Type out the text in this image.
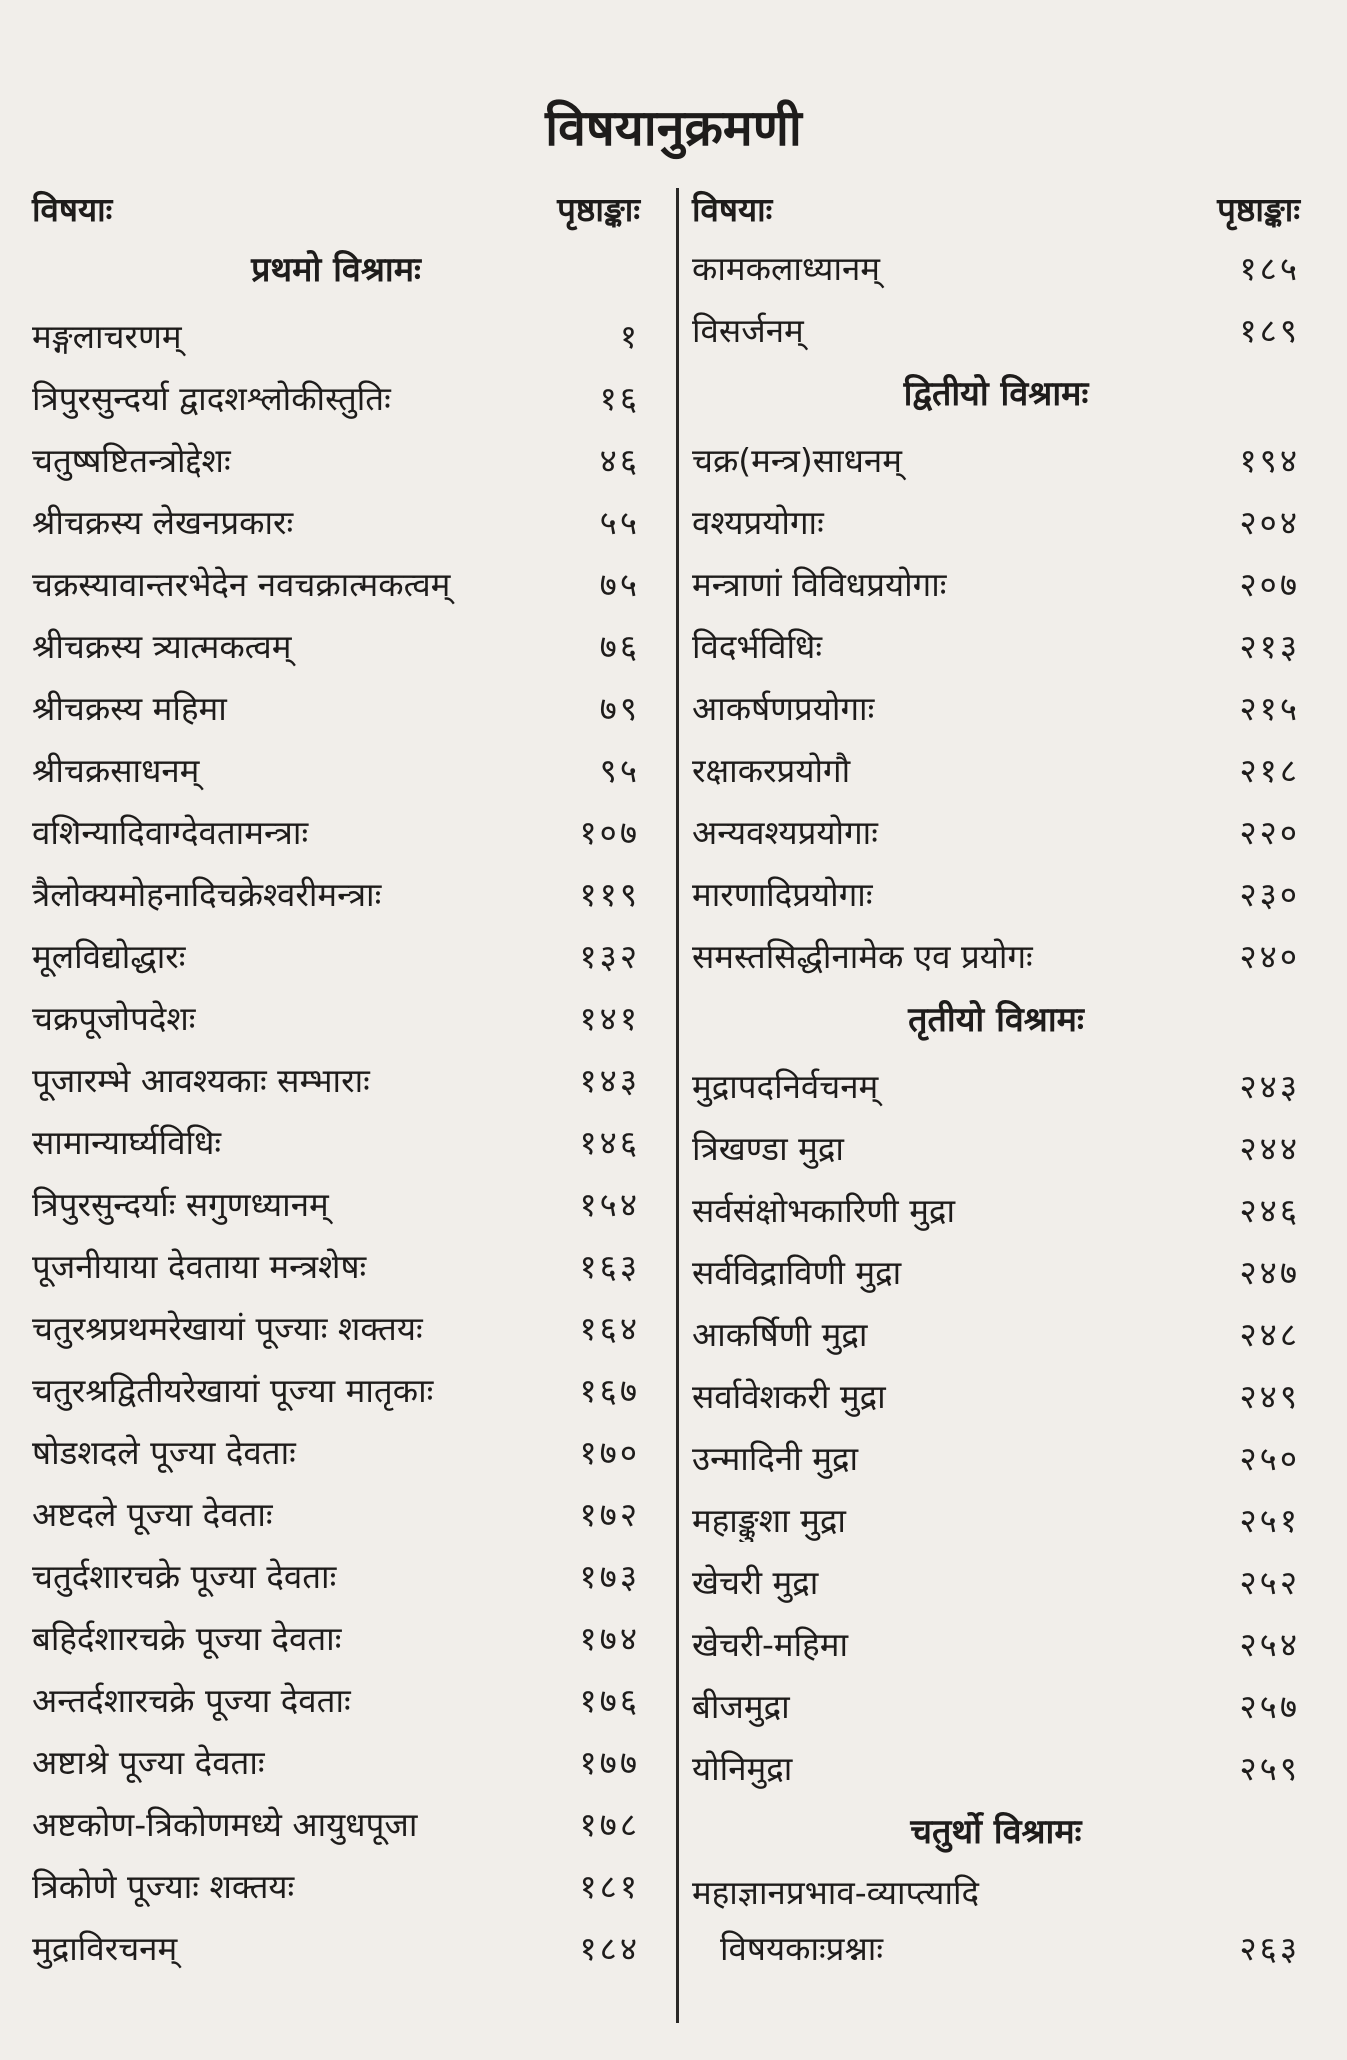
विषयानुक्रमणी
विषयाः	पृष्ठाङ्काः
प्रथमो विश्रामः
मङ्गलाचरणम्	१
त्रिपुरसुन्दर्या द्वादशश्लोकीस्तुतिः	१६
चतुष्षष्टितन्त्रोद्देशः	४६
श्रीचक्रस्य लेखनप्रकारः	५५
चक्रस्यावान्तरभेदेन नवचक्रात्मकत्वम्	७५
श्रीचक्रस्य त्र्यात्मकत्वम्	७६
श्रीचक्रस्य महिमा	७९
श्रीचक्रसाधनम्	९५
वशिन्यादिवाग्देवतामन्त्राः	१०७
त्रैलोक्यमोहनादिचक्रेश्वरीमन्त्राः	११९
मूलविद्योद्धारः	१३२
चक्रपूजोपदेशः	१४१
पूजारम्भे आवश्यकाः सम्भाराः	१४३
सामान्यार्घ्यविधिः	१४६
त्रिपुरसुन्दर्याः सगुणध्यानम्	१५४
पूजनीयाया देवताया मन्त्रशेषः	१६३
चतुरश्रप्रथमरेखायां पूज्याः शक्तयः	१६४
चतुरश्रद्वितीयरेखायां पूज्या मातृकाः	१६७
षोडशदले पूज्या देवताः	१७०
अष्टदले पूज्या देवताः	१७२
चतुर्दशारचक्रे पूज्या देवताः	१७३
बहिर्दशारचक्रे पूज्या देवताः	१७४
अन्तर्दशारचक्रे पूज्या देवताः	१७६
अष्टाश्रे पूज्या देवताः	१७७
अष्टकोण-त्रिकोणमध्ये आयुधपूजा	१७८
त्रिकोणे पूज्याः शक्तयः	१८१
मुद्राविरचनम्	१८४
विषयाः	पृष्ठाङ्काः
कामकलाध्यानम्	१८५
विसर्जनम्	१८९
द्वितीयो विश्रामः
चक्र(मन्त्र)साधनम्	१९४
वश्यप्रयोगाः	२०४
मन्त्राणां विविधप्रयोगाः	२०७
विदर्भविधिः	२१३
आकर्षणप्रयोगाः	२१५
रक्षाकरप्रयोगौ	२१८
अन्यवश्यप्रयोगाः	२२०
मारणादिप्रयोगाः	२३०
समस्तसिद्धीनामेक एव प्रयोगः	२४०
तृतीयो विश्रामः
मुद्रापदनिर्वचनम्	२४३
त्रिखण्डा मुद्रा	२४४
सर्वसंक्षोभकारिणी मुद्रा	२४६
सर्वविद्राविणी मुद्रा	२४७
आकर्षिणी मुद्रा	२४८
सर्वावेशकरी मुद्रा	२४९
उन्मादिनी मुद्रा	२५०
महाङ्कुशा मुद्रा	२५१
खेचरी मुद्रा	२५२
खेचरी-महिमा	२५४
बीजमुद्रा	२५७
योनिमुद्रा	२५९
चतुर्थो विश्रामः
महाज्ञानप्रभाव-व्याप्त्यादि
विषयकाःप्रश्नाः	२६३
